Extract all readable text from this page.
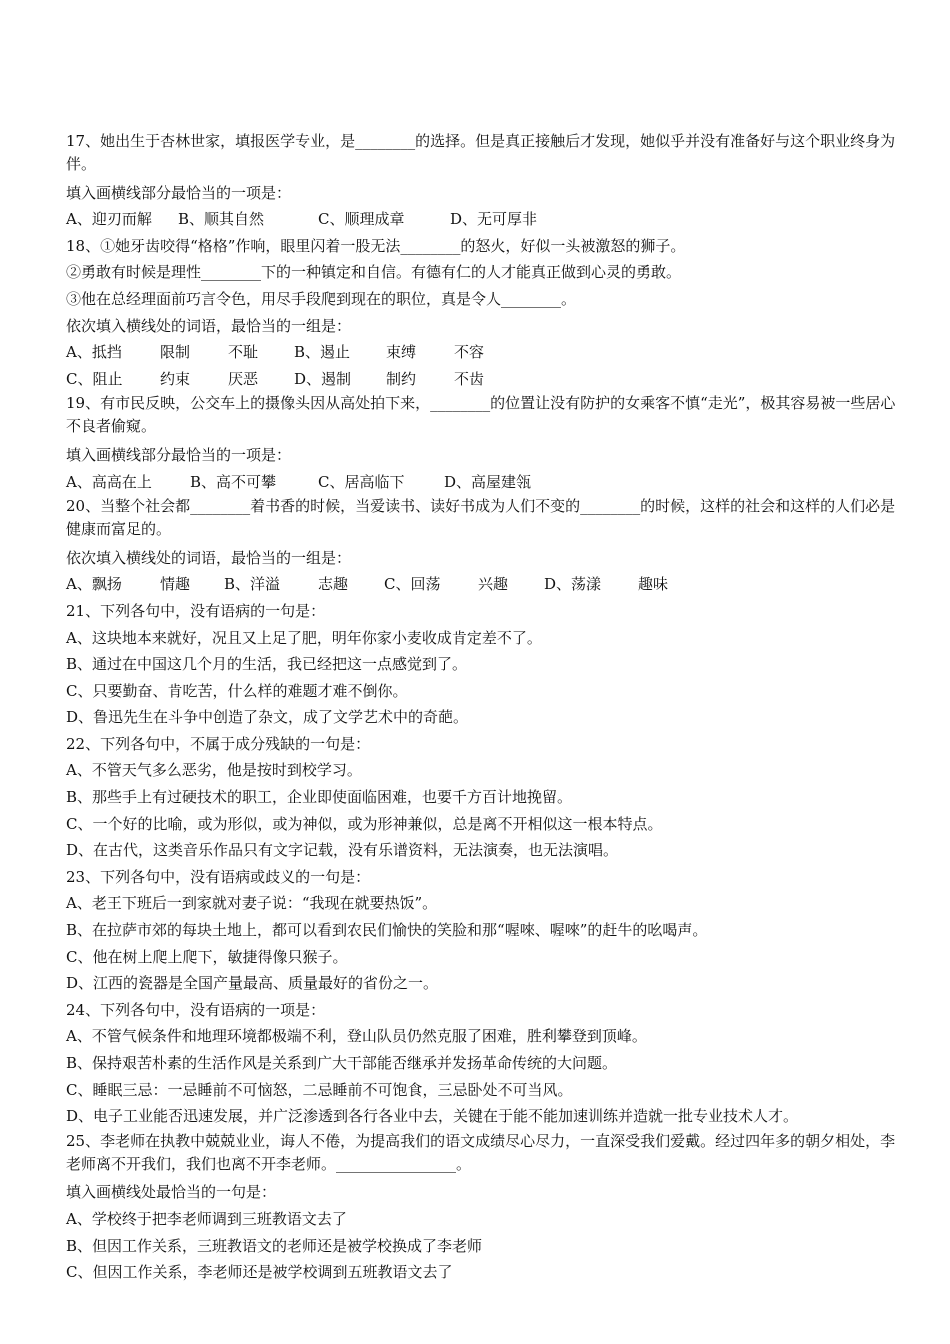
17、她出生于杏林世家，填报医学专业，是________的选择。但是真正接触后才发现，她似乎并没有准备好与这个职业终身为伴。
填入画横线部分最恰当的一项是：
A、迎刃而解 B、顺其自然	C、顺理成章	D、无可厚非
18、①她牙齿咬得“格格”作响，眼里闪着一股无法________的怒火，好似一头被激怒的狮子。
②勇敢有时候是理性________下的一种镇定和自信。有德有仁的人才能真正做到心灵的勇敢。
③他在总经理面前巧言令色，用尽手段爬到现在的职位，真是令人________。
依次填入横线处的词语，最恰当的一组是：
A、抵挡	限制	不耻 B、遏止 束缚	不容
C、阻止	约束	厌恶 D、遏制 制约	不齿
19、有市民反映，公交车上的摄像头因从高处拍下来，________的位置让没有防护的女乘客不慎“走光”，极其容易被一些居心不良者偷窥。
填入画横线部分最恰当的一项是：
A、高高在上	B、高不可攀	C、居高临下	D、高屋建瓴
20、当整个社会都________着书香的时候，当爱读书、读好书成为人们不变的________的时候，这样的社会和这样的人们必是健康而富足的。
依次填入横线处的词语，最恰当的一组是：
A、飘扬	情趣 B、洋溢	志趣 C、回荡	兴趣 D、荡漾 趣味
21、下列各句中，没有语病的一句是：
A、这块地本来就好，况且又上足了肥，明年你家小麦收成肯定差不了。
B、通过在中国这几个月的生活，我已经把这一点感觉到了。
C、只要勤奋、肯吃苦，什么样的难题才难不倒你。
D、鲁迅先生在斗争中创造了杂文，成了文学艺术中的奇葩。
22、下列各句中，不属于成分残缺的一句是：
A、不管天气多么恶劣，他是按时到校学习。
B、那些手上有过硬技术的职工，企业即使面临困难，也要千方百计地挽留。
C、一个好的比喻，或为形似，或为神似，或为形神兼似，总是离不开相似这一根本特点。
D、在古代，这类音乐作品只有文字记载，没有乐谱资料，无法演奏，也无法演唱。
23、下列各句中，没有语病或歧义的一句是：
A、老王下班后一到家就对妻子说：“我现在就要热饭”。
B、在拉萨市郊的每块土地上，都可以看到农民们愉快的笑脸和那“喔唻、喔唻”的赶牛的吆喝声。
C、他在树上爬上爬下，敏捷得像只猴子。
D、江西的瓷器是全国产量最高、质量最好的省份之一。
24、下列各句中，没有语病的一项是：
A、不管气候条件和地理环境都极端不利，登山队员仍然克服了困难，胜利攀登到顶峰。
B、保持艰苦朴素的生活作风是关系到广大干部能否继承并发扬革命传统的大问题。
C、睡眠三忌：一忌睡前不可恼怒，二忌睡前不可饱食，三忌卧处不可当风。
D、电子工业能否迅速发展，并广泛渗透到各行各业中去，关键在于能不能加速训练并造就一批专业技术人才。
25、李老师在执教中兢兢业业，诲人不倦，为提高我们的语文成绩尽心尽力，一直深受我们爱戴。经过四年多的朝夕相处，李老师离不开我们，我们也离不开李老师。________________。
填入画横线处最恰当的一句是：
A、学校终于把李老师调到三班教语文去了
B、但因工作关系，三班教语文的老师还是被学校换成了李老师
C、但因工作关系，李老师还是被学校调到五班教语文去了
